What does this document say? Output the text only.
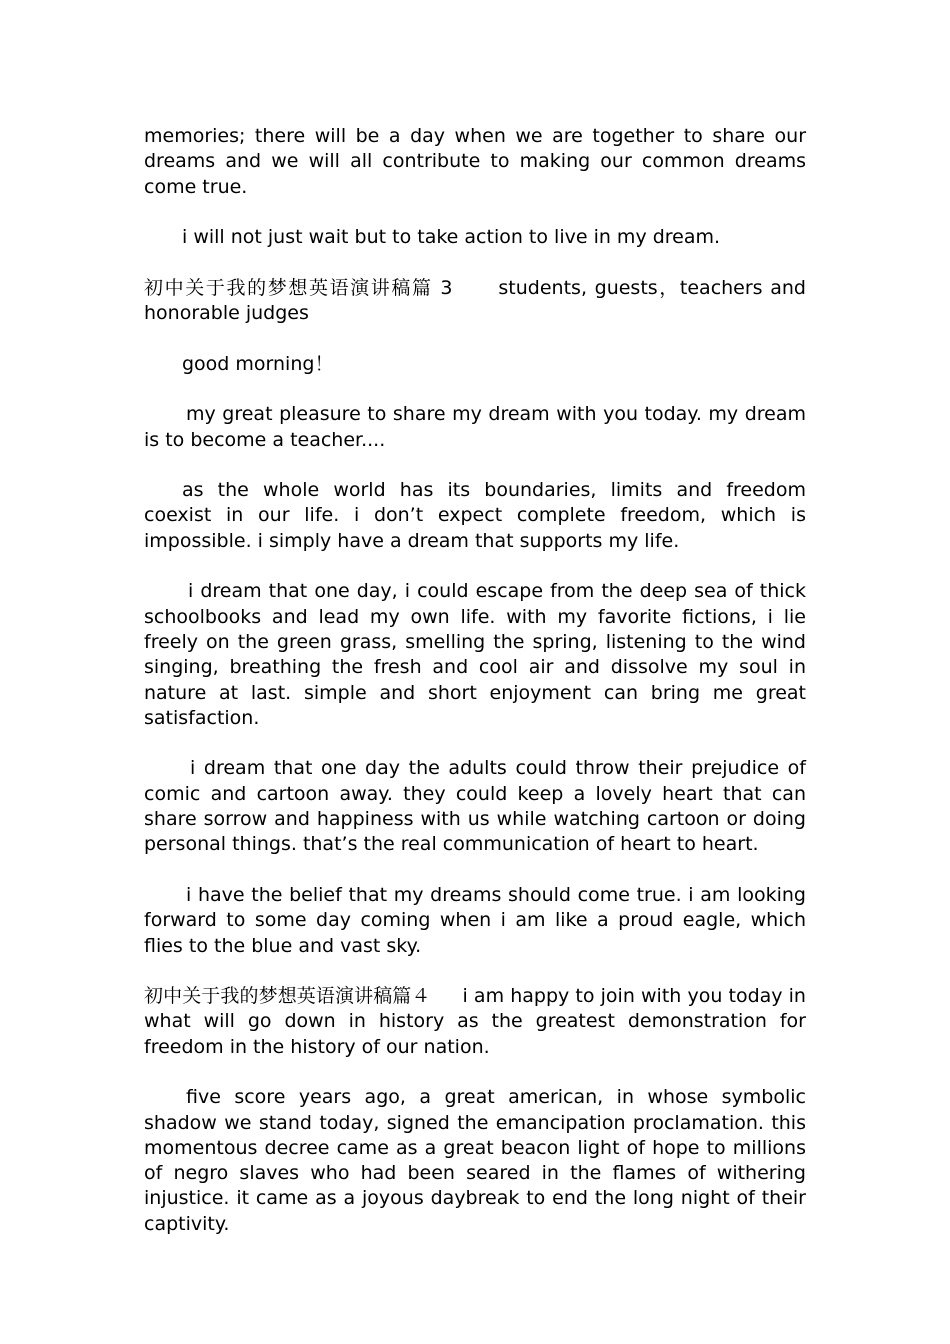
memories; there will be a day when we are together to share our dreams and we will all contribute to making our common dreams come true.

i will not just wait but to take action to live in my dream.

初中关于我的梦想英语演讲稿篇 3 students, guests，teachers and honorable judges

good morning！

my great pleasure to share my dream with you today. my dream is to become a teacher....

as the whole world has its boundaries, limits and freedom coexist in our life. i don’t expect complete freedom, which is impossible. i simply have a dream that supports my life.

i dream that one day, i could escape from the deep sea of thick schoolbooks and lead my own life. with my favorite fictions, i lie freely on the green grass, smelling the spring, listening to the wind singing, breathing the fresh and cool air and dissolve my soul in nature at last. simple and short enjoyment can bring me great satisfaction.

i dream that one day the adults could throw their prejudice of comic and cartoon away. they could keep a lovely heart that can share sorrow and happiness with us while watching cartoon or doing personal things. that’s the real communication of heart to heart.

i have the belief that my dreams should come true. i am looking forward to some day coming when i am like a proud eagle, which flies to the blue and vast sky.

初中关于我的梦想英语演讲稿篇４ i am happy to join with you today in what will go down in history as the greatest demonstration for freedom in the history of our nation.

five score years ago, a great american, in whose symbolic shadow we stand today, signed the emancipation proclamation. this momentous decree came as a great beacon light of hope to millions of negro slaves who had been seared in the flames of withering injustice. it came as a joyous daybreak to end the long night of their captivity.
